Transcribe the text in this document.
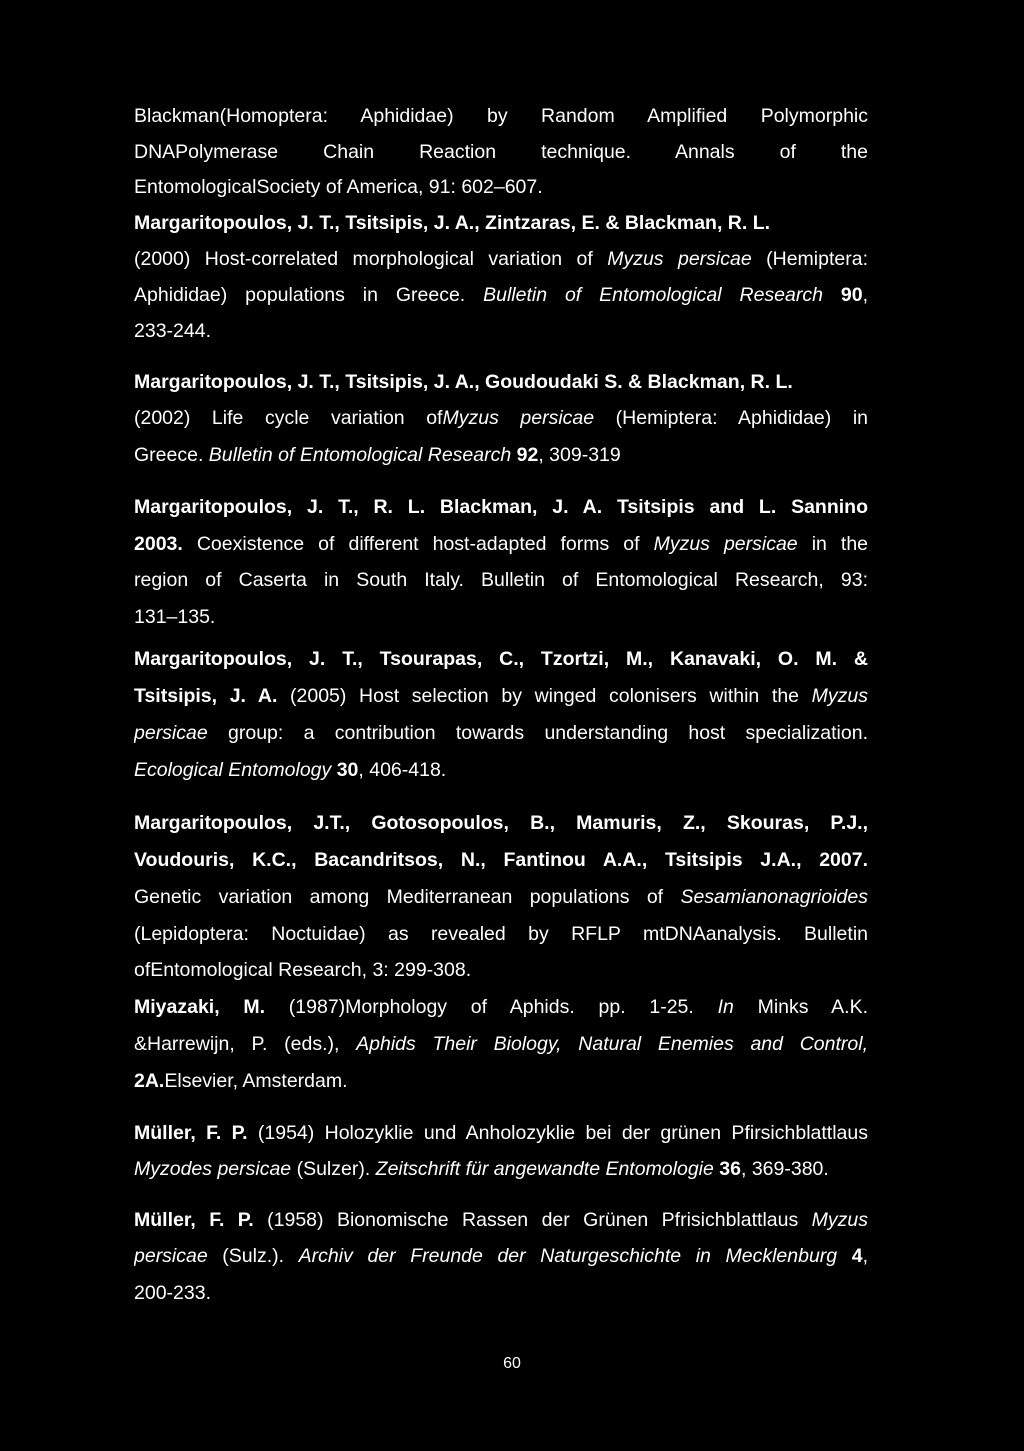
Blackman(Homoptera: Aphididae) by Random Amplified Polymorphic
DNAPolymerase Chain Reaction technique. Annals of the
EntomologicalSociety of America, 91: 602–607.
Margaritopoulos, J. T., Tsitsipis, J. A., Zintzaras, E. & Blackman, R. L.
(2000) Host-correlated morphological variation of Myzus persicae (Hemiptera:
Aphididae) populations in Greece. Bulletin of Entomological Research 90,
233-244.
Margaritopoulos, J. T., Tsitsipis, J. A., Goudoudaki S. & Blackman, R. L.
(2002) Life cycle variation ofMyzus persicae (Hemiptera: Aphididae) in
Greece. Bulletin of Entomological Research 92, 309-319
Margaritopoulos, J. T., R. L. Blackman, J. A. Tsitsipis and L. Sannino
2003. Coexistence of different host-adapted forms of Myzus persicae in the
region of Caserta in South Italy. Bulletin of Entomological Research, 93:
131–135.
Margaritopoulos, J. T., Tsourapas, C., Tzortzi, M., Kanavaki, O. M. &
Tsitsipis, J. A. (2005) Host selection by winged colonisers within the Myzus
persicae group: a contribution towards understanding host specialization.
Ecological Entomology 30, 406-418.
Margaritopoulos, J.T., Gotosopoulos, B., Mamuris, Z., Skouras, P.J.,
Voudouris, K.C., Bacandritsos, N., Fantinou A.A., Tsitsipis J.A., 2007.
Genetic variation among Mediterranean populations of Sesamianonagrioides
(Lepidoptera: Noctuidae) as revealed by RFLP mtDNAanalysis. Bulletin
ofEntomological Research, 3: 299-308.
Miyazaki, M. (1987)Morphology of Aphids. pp. 1-25. In Minks A.K.
&Harrewijn, P. (eds.), Aphids Their Biology, Natural Enemies and Control,
2A.Elsevier, Amsterdam.
Müller, F. P. (1954) Holozyklie und Anholozyklie bei der grünen Pfirsichblattlaus
Myzodes persicae (Sulzer). Zeitschrift für angewandte Entomologie 36, 369-380.
Müller, F. P. (1958) Bionomische Rassen der Grünen Pfrisichblattlaus Myzus
persicae (Sulz.). Archiv der Freunde der Naturgeschichte in Mecklenburg 4,
200-233.
60
